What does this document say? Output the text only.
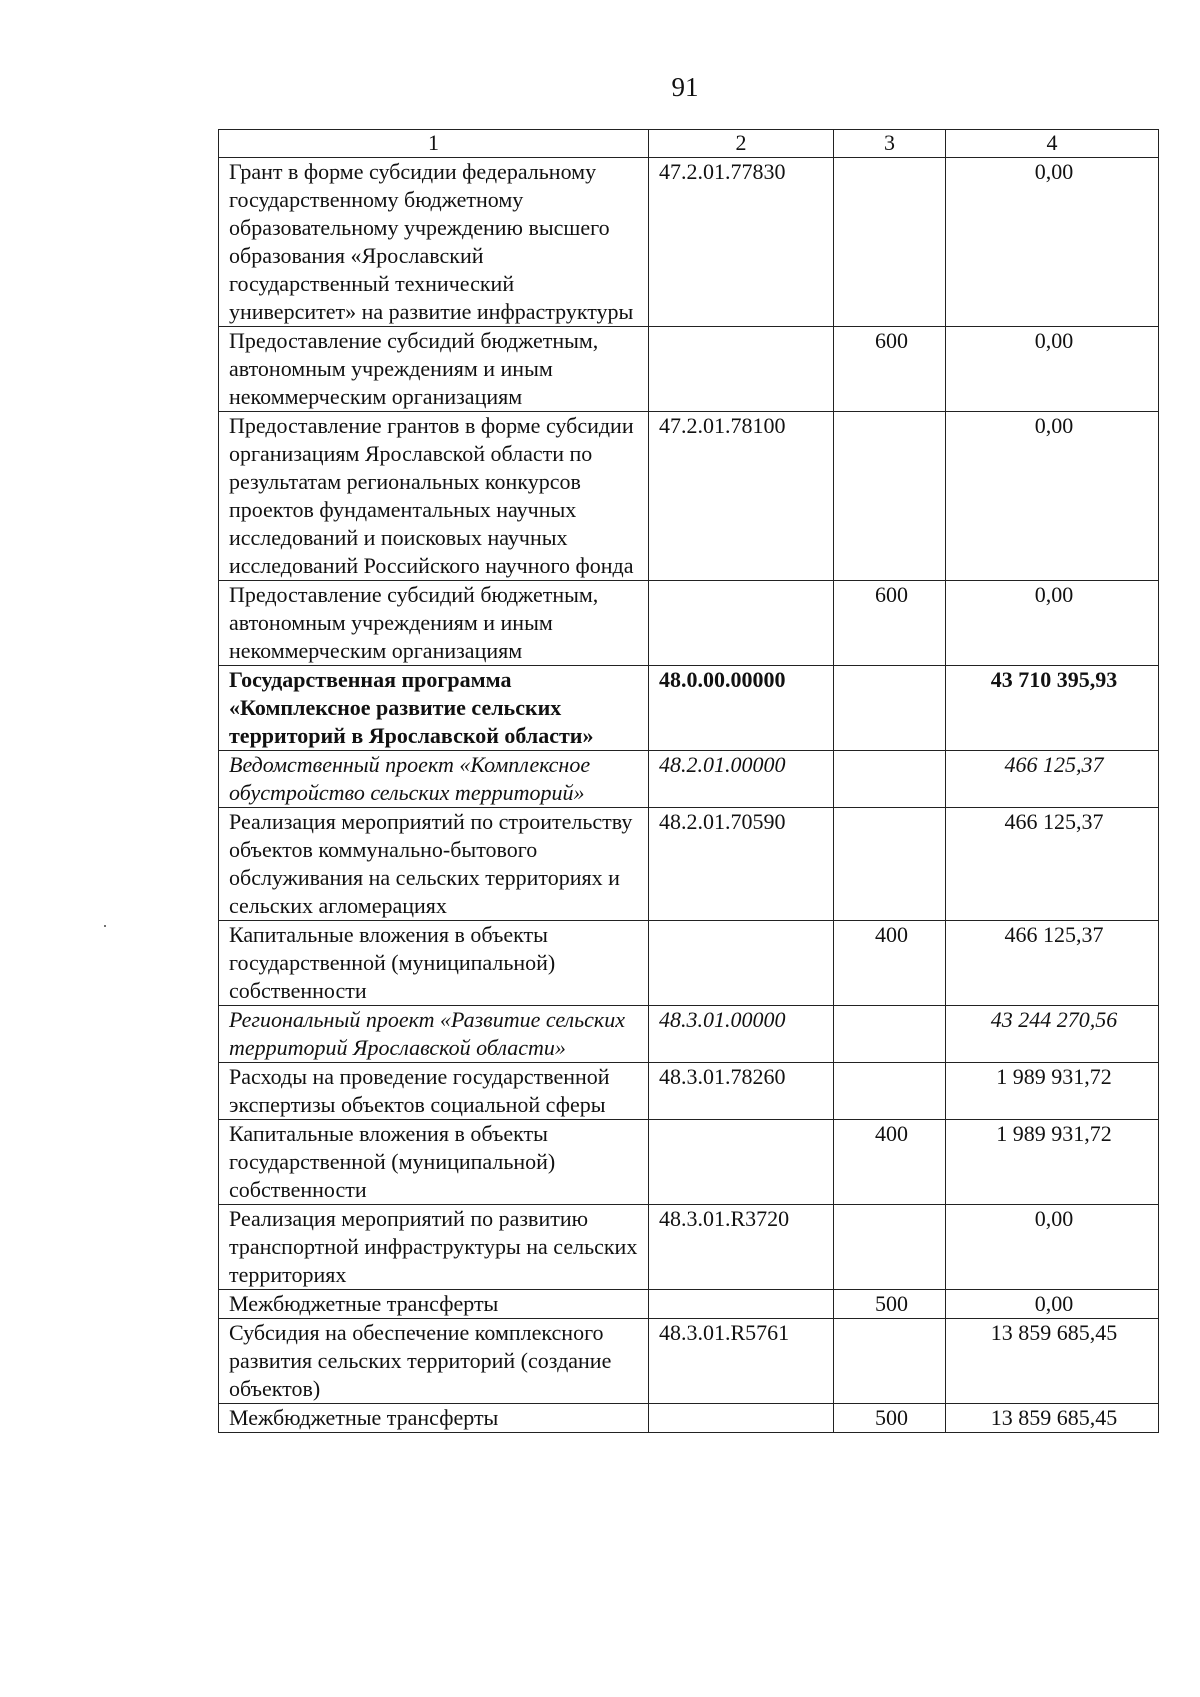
91
1	2	3	4
Грант в форме субсидии федеральному государственному бюджетному образовательному учреждению высшего образования «Ярославский государственный технический университет» на развитие инфраструктуры	47.2.01.77830		0,00
Предоставление субсидий бюджетным, автономным учреждениям и иным некоммерческим организациям		600	0,00
Предоставление грантов в форме субсидии организациям Ярославской области по результатам региональных конкурсов проектов фундаментальных научных исследований и поисковых научных исследований Российского научного фонда	47.2.01.78100		0,00
Предоставление субсидий бюджетным, автономным учреждениям и иным некоммерческим организациям		600	0,00
Государственная программа «Комплексное развитие сельских территорий в Ярославской области»	48.0.00.00000		43 710 395,93
Ведомственный проект «Комплексное обустройство сельских территорий»	48.2.01.00000		466 125,37
Реализация мероприятий по строительству объектов коммунально-бытового обслуживания на сельских территориях и сельских агломерациях	48.2.01.70590		466 125,37
Капитальные вложения в объекты государственной (муниципальной) собственности		400	466 125,37
Региональный проект «Развитие сельских территорий Ярославской области»	48.3.01.00000		43 244 270,56
Расходы на проведение государственной экспертизы объектов социальной сферы	48.3.01.78260		1 989 931,72
Капитальные вложения в объекты государственной (муниципальной) собственности		400	1 989 931,72
Реализация мероприятий по развитию транспортной инфраструктуры на сельских территориях	48.3.01.R3720		0,00
Межбюджетные трансферты		500	0,00
Субсидия на обеспечение комплексного развития сельских территорий (создание объектов)	48.3.01.R5761		13 859 685,45
Межбюджетные трансферты		500	13 859 685,45
